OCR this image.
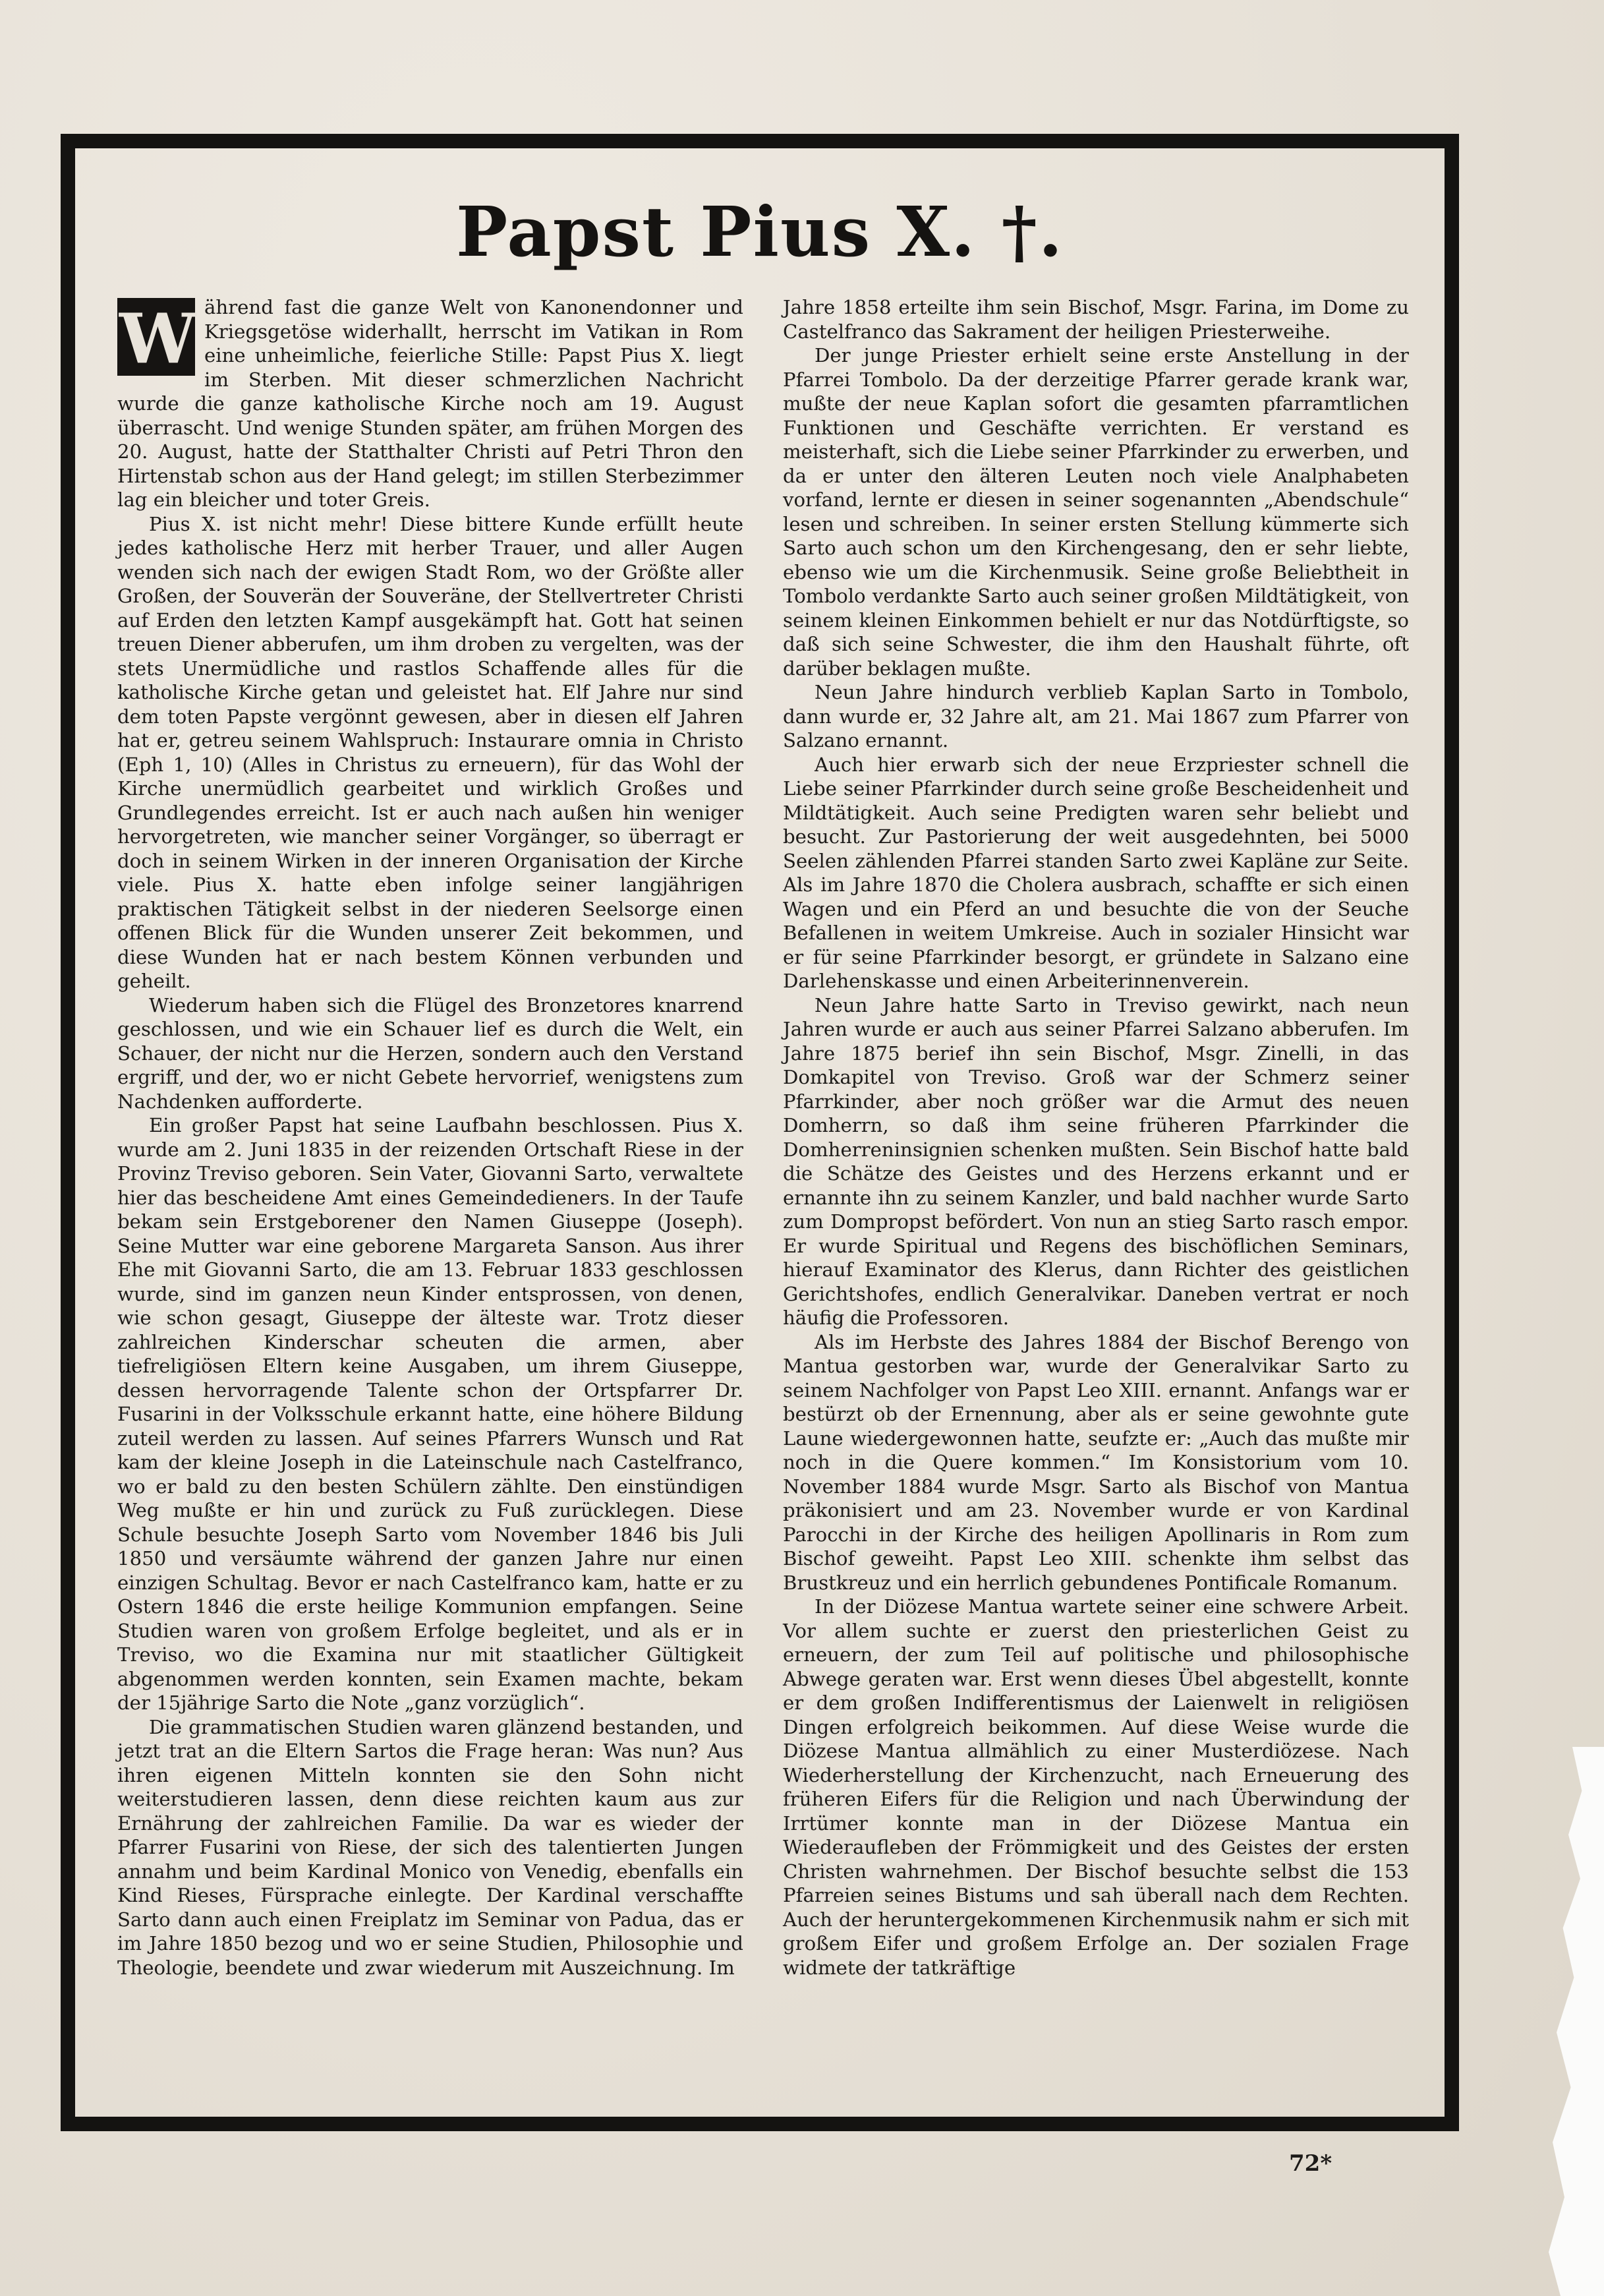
Papst Pius X. †.

W ährend fast die ganze Welt von Kanonendonner und Kriegsgetöse widerhallt, herrscht im Vatikan in Rom eine unheimliche, feierliche Stille: Papst Pius X. liegt im Sterben. Mit dieser schmerzlichen Nachricht wurde die ganze katholische Kirche noch am 19. August überrascht. Und wenige Stunden später, am frühen Morgen des 20. August, hatte der Statthalter Christi auf Petri Thron den Hirtenstab schon aus der Hand gelegt; im stillen Sterbezimmer lag ein bleicher und toter Greis.

Pius X. ist nicht mehr! Diese bittere Kunde erfüllt heute jedes katholische Herz mit herber Trauer, und aller Augen wenden sich nach der ewigen Stadt Rom, wo der Größte aller Großen, der Souverän der Souveräne, der Stellvertreter Christi auf Erden den letzten Kampf ausgekämpft hat. Gott hat seinen treuen Diener abberufen, um ihm droben zu vergelten, was der stets Unermüdliche und rastlos Schaffende alles für die katholische Kirche getan und geleistet hat. Elf Jahre nur sind dem toten Papste vergönnt gewesen, aber in diesen elf Jahren hat er, getreu seinem Wahlspruch: Instaurare omnia in Christo (Eph 1, 10) (Alles in Christus zu erneuern), für das Wohl der Kirche unermüdlich gearbeitet und wirklich Großes und Grundlegendes erreicht. Ist er auch nach außen hin weniger hervorgetreten, wie mancher seiner Vorgänger, so überragt er doch in seinem Wirken in der inneren Organisation der Kirche viele. Pius X. hatte eben infolge seiner langjährigen praktischen Tätigkeit selbst in der niederen Seelsorge einen offenen Blick für die Wunden unserer Zeit bekommen, und diese Wunden hat er nach bestem Können verbunden und geheilt.

Wiederum haben sich die Flügel des Bronzetores knarrend geschlossen, und wie ein Schauer lief es durch die Welt, ein Schauer, der nicht nur die Herzen, sondern auch den Verstand ergriff, und der, wo er nicht Gebete hervorrief, wenigstens zum Nachdenken aufforderte.

Ein großer Papst hat seine Laufbahn beschlossen. Pius X. wurde am 2. Juni 1835 in der reizenden Ortschaft Riese in der Provinz Treviso geboren. Sein Vater, Giovanni Sarto, verwaltete hier das bescheidene Amt eines Gemeindedieners. In der Taufe bekam sein Erstgeborener den Namen Giuseppe (Joseph). Seine Mutter war eine geborene Margareta Sanson. Aus ihrer Ehe mit Giovanni Sarto, die am 13. Februar 1833 geschlossen wurde, sind im ganzen neun Kinder entsprossen, von denen, wie schon gesagt, Giuseppe der älteste war. Trotz dieser zahlreichen Kinderschar scheuten die armen, aber tiefreligiösen Eltern keine Ausgaben, um ihrem Giuseppe, dessen hervorragende Talente schon der Ortspfarrer Dr. Fusarini in der Volksschule erkannt hatte, eine höhere Bildung zuteil werden zu lassen. Auf seines Pfarrers Wunsch und Rat kam der kleine Joseph in die Lateinschule nach Castelfranco, wo er bald zu den besten Schülern zählte. Den einstündigen Weg mußte er hin und zurück zu Fuß zurücklegen. Diese Schule besuchte Joseph Sarto vom November 1846 bis Juli 1850 und versäumte während der ganzen Jahre nur einen einzigen Schultag. Bevor er nach Castelfranco kam, hatte er zu Ostern 1846 die erste heilige Kommunion empfangen. Seine Studien waren von großem Erfolge begleitet, und als er in Treviso, wo die Examina nur mit staatlicher Gültigkeit abgenommen werden konnten, sein Examen machte, bekam der 15jährige Sarto die Note „ganz vorzüglich“.

Die grammatischen Studien waren glänzend bestanden, und jetzt trat an die Eltern Sartos die Frage heran: Was nun? Aus ihren eigenen Mitteln konnten sie den Sohn nicht weiterstudieren lassen, denn diese reichten kaum aus zur Ernährung der zahlreichen Familie. Da war es wieder der Pfarrer Fusarini von Riese, der sich des talentierten Jungen annahm und beim Kardinal Monico von Venedig, ebenfalls ein Kind Rieses, Fürsprache einlegte. Der Kardinal verschaffte Sarto dann auch einen Freiplatz im Seminar von Padua, das er im Jahre 1850 bezog und wo er seine Studien, Philosophie und Theologie, beendete und zwar wiederum mit Auszeichnung. Im

Jahre 1858 erteilte ihm sein Bischof, Msgr. Farina, im Dome zu Castelfranco das Sakrament der heiligen Priesterweihe.

Der junge Priester erhielt seine erste Anstellung in der Pfarrei Tombolo. Da der derzeitige Pfarrer gerade krank war, mußte der neue Kaplan sofort die gesamten pfarramtlichen Funktionen und Geschäfte verrichten. Er verstand es meisterhaft, sich die Liebe seiner Pfarrkinder zu erwerben, und da er unter den älteren Leuten noch viele Analphabeten vorfand, lernte er diesen in seiner sogenannten „Abendschule“ lesen und schreiben. In seiner ersten Stellung kümmerte sich Sarto auch schon um den Kirchengesang, den er sehr liebte, ebenso wie um die Kirchenmusik. Seine große Beliebtheit in Tombolo verdankte Sarto auch seiner großen Mildtätigkeit, von seinem kleinen Einkommen behielt er nur das Notdürftigste, so daß sich seine Schwester, die ihm den Haushalt führte, oft darüber beklagen mußte.

Neun Jahre hindurch verblieb Kaplan Sarto in Tombolo, dann wurde er, 32 Jahre alt, am 21. Mai 1867 zum Pfarrer von Salzano ernannt.

Auch hier erwarb sich der neue Erzpriester schnell die Liebe seiner Pfarrkinder durch seine große Bescheidenheit und Mildtätigkeit. Auch seine Predigten waren sehr beliebt und besucht. Zur Pastorierung der weit ausgedehnten, bei 5000 Seelen zählenden Pfarrei standen Sarto zwei Kapläne zur Seite. Als im Jahre 1870 die Cholera ausbrach, schaffte er sich einen Wagen und ein Pferd an und besuchte die von der Seuche Befallenen in weitem Umkreise. Auch in sozialer Hinsicht war er für seine Pfarrkinder besorgt, er gründete in Salzano eine Darlehenskasse und einen Arbeiterinnenverein.

Neun Jahre hatte Sarto in Treviso gewirkt, nach neun Jahren wurde er auch aus seiner Pfarrei Salzano abberufen. Im Jahre 1875 berief ihn sein Bischof, Msgr. Zinelli, in das Domkapitel von Treviso. Groß war der Schmerz seiner Pfarrkinder, aber noch größer war die Armut des neuen Domherrn, so daß ihm seine früheren Pfarrkinder die Domherreninsignien schenken mußten. Sein Bischof hatte bald die Schätze des Geistes und des Herzens erkannt und er ernannte ihn zu seinem Kanzler, und bald nachher wurde Sarto zum Dompropst befördert. Von nun an stieg Sarto rasch empor. Er wurde Spiritual und Regens des bischöflichen Seminars, hierauf Examinator des Klerus, dann Richter des geistlichen Gerichtshofes, endlich Generalvikar. Daneben vertrat er noch häufig die Professoren.

Als im Herbste des Jahres 1884 der Bischof Berengo von Mantua gestorben war, wurde der Generalvikar Sarto zu seinem Nachfolger von Papst Leo XIII. ernannt. Anfangs war er bestürzt ob der Ernennung, aber als er seine gewohnte gute Laune wiedergewonnen hatte, seufzte er: „Auch das mußte mir noch in die Quere kommen.“ Im Konsistorium vom 10. November 1884 wurde Msgr. Sarto als Bischof von Mantua präkonisiert und am 23. November wurde er von Kardinal Parocchi in der Kirche des heiligen Apollinaris in Rom zum Bischof geweiht. Papst Leo XIII. schenkte ihm selbst das Brustkreuz und ein herrlich gebundenes Pontificale Romanum.

In der Diözese Mantua wartete seiner eine schwere Arbeit. Vor allem suchte er zuerst den priesterlichen Geist zu erneuern, der zum Teil auf politische und philosophische Abwege geraten war. Erst wenn dieses Übel abgestellt, konnte er dem großen Indifferentismus der Laienwelt in religiösen Dingen erfolgreich beikommen. Auf diese Weise wurde die Diözese Mantua allmählich zu einer Musterdiözese. Nach Wiederherstellung der Kirchenzucht, nach Erneuerung des früheren Eifers für die Religion und nach Überwindung der Irrtümer konnte man in der Diözese Mantua ein Wiederaufleben der Frömmigkeit und des Geistes der ersten Christen wahrnehmen. Der Bischof besuchte selbst die 153 Pfarreien seines Bistums und sah überall nach dem Rechten. Auch der heruntergekommenen Kirchenmusik nahm er sich mit großem Eifer und großem Erfolge an. Der sozialen Frage widmete der tatkräftige

72*
